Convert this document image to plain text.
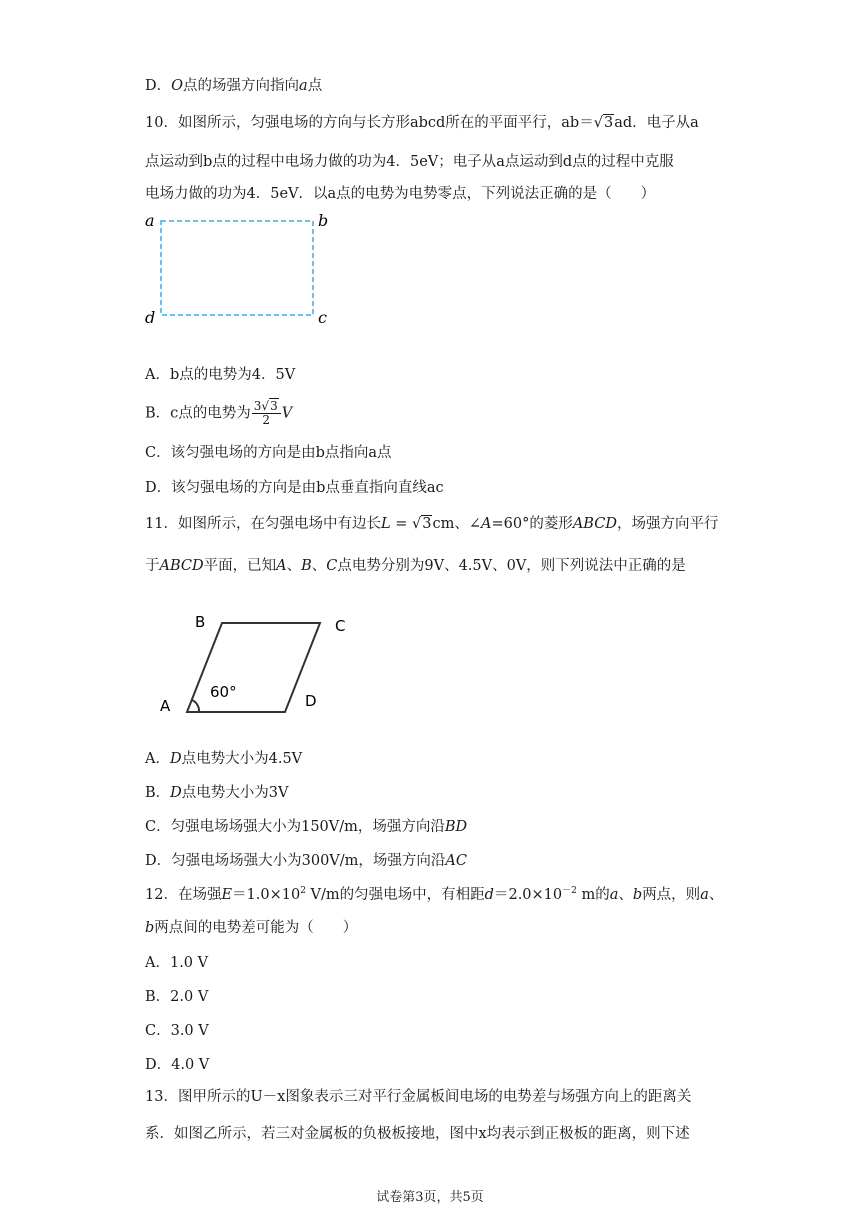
D．O点的场强方向指向a点
10．如图所示，匀强电场的方向与长方形abcd所在的平面平行，ab＝√3ad．电子从a
点运动到b点的过程中电场力做的功为4．5eV；电子从a点运动到d点的过程中克服
电场力做的功为4．5eV．以a点的电势为电势零点，下列说法正确的是（　　）
a	b
d	c
A．b点的电势为4．5V
B．c点的电势为 $\frac{3√3}{2}$ V
C．该匀强电场的方向是由b点指向a点
D．该匀强电场的方向是由b点垂直指向直线ac
11．如图所示，在匀强电场中有边长L = √3cm、∠A=60°的菱形ABCD，场强方向平行
于ABCD平面，已知A、B、C点电势分别为9V、4.5V、0V，则下列说法中正确的是
B	C
A	D
60°
A．D点电势大小为4.5V
B．D点电势大小为3V
C．匀强电场场强大小为150V/m，场强方向沿BD
D．匀强电场场强大小为300V/m，场强方向沿AC
12．在场强$E=1.0\times 10^2$ V/m的匀强电场中，有相距$d=2.0\times 10^{-2}$ m的a、b两点，则a、
b两点间的电势差可能为（　　）
A．1.0 V
B．2.0 V
C．3.0 V
D．4.0 V
13．图甲所示的U－x图象表示三对平行金属板间电场的电势差与场强方向上的距离关
系．如图乙所示，若三对金属板的负极板接地，图中x均表示到正极板的距离，则下述
试卷第3页，共5页
